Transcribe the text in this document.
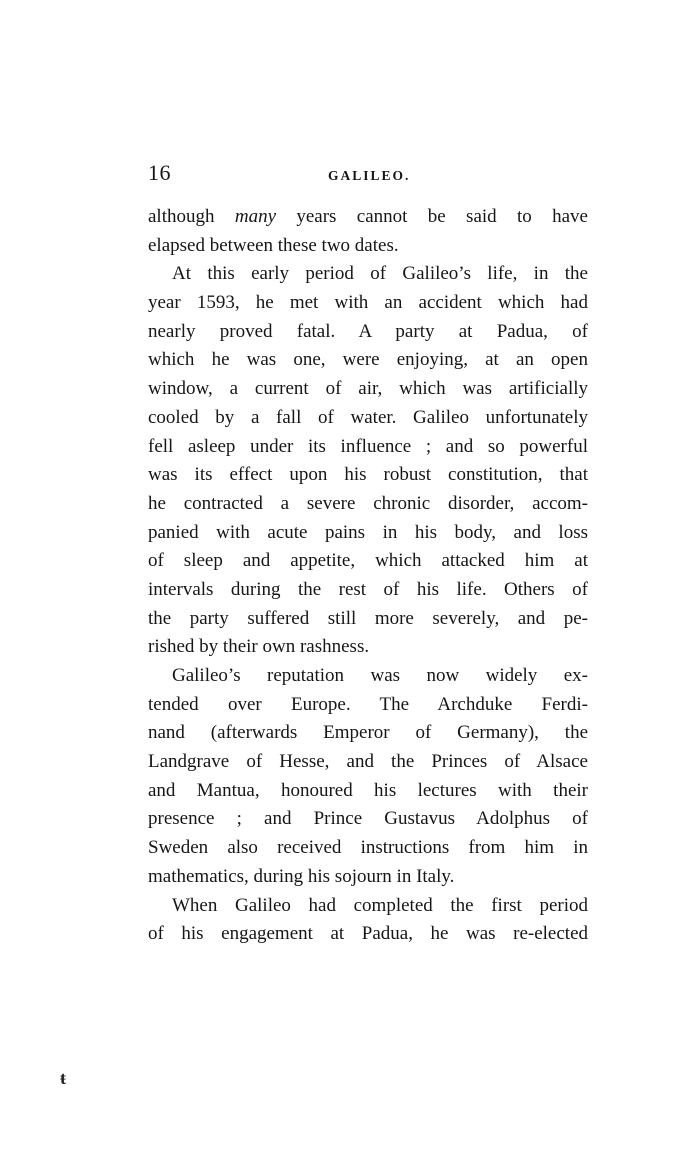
16	GALILEO.
although many years cannot be said to have
elapsed between these two dates.
At this early period of Galileo’s life, in the
year 1593, he met with an accident which had
nearly proved fatal. A party at Padua, of
which he was one, were enjoying, at an open
window, a current of air, which was artificially
cooled by a fall of water. Galileo unfortunately
fell asleep under its influence ; and so powerful
was its effect upon his robust constitution, that
he contracted a severe chronic disorder, accom-
panied with acute pains in his body, and loss
of sleep and appetite, which attacked him at
intervals during the rest of his life. Others of
the party suffered still more severely, and pe-
rished by their own rashness.
Galileo’s reputation was now widely ex-
tended over Europe. The Archduke Ferdi-
nand (afterwards Emperor of Germany), the
Landgrave of Hesse, and the Princes of Alsace
and Mantua, honoured his lectures with their
presence ; and Prince Gustavus Adolphus of
Sweden also received instructions from him in
mathematics, during his sojourn in Italy.
When Galileo had completed the first period
of his engagement at Padua, he was re-elected
ŧ
